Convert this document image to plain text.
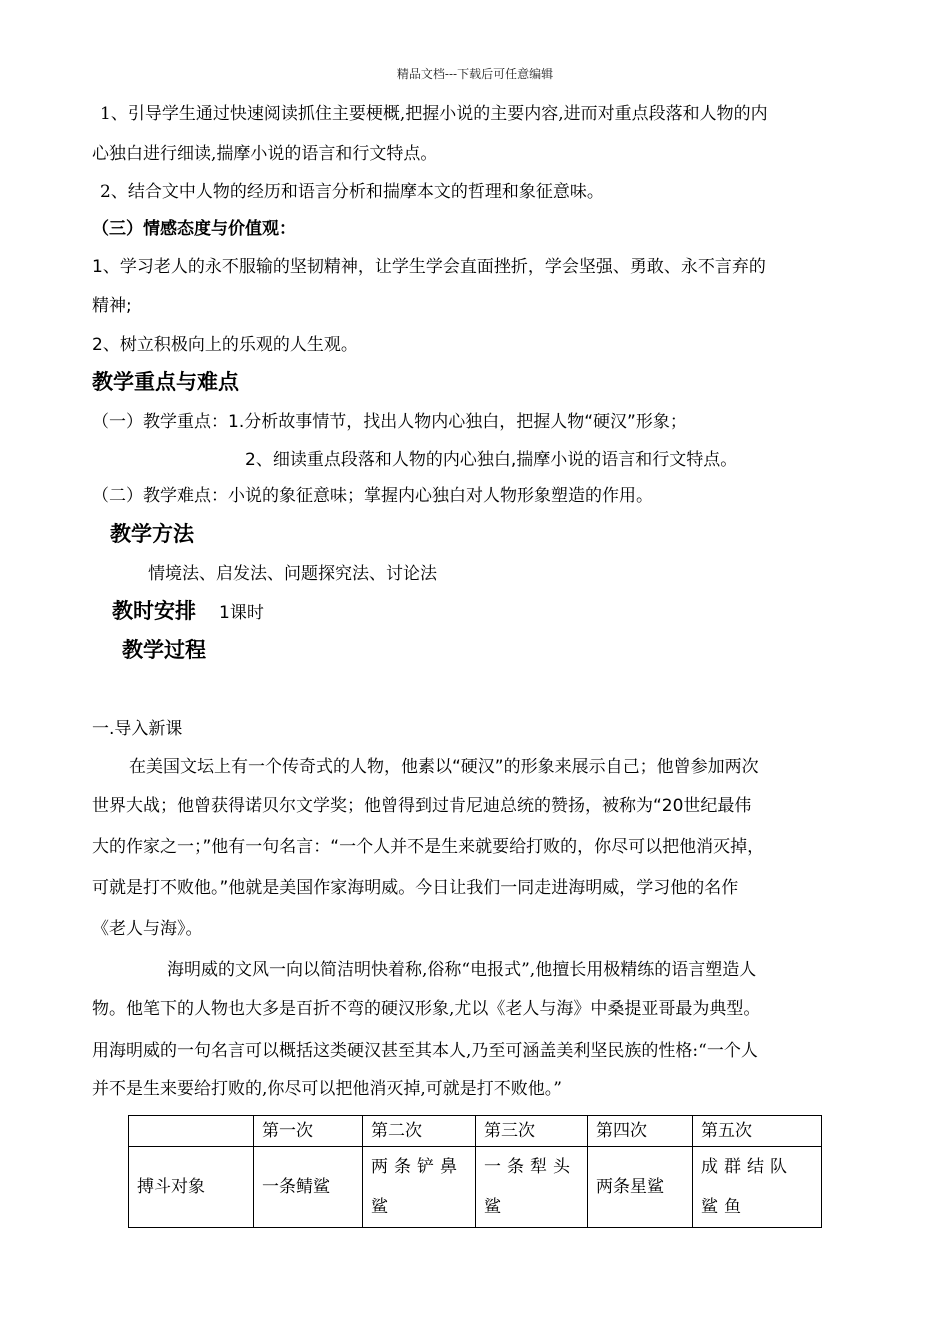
精品文档---下载后可任意编辑
1、引导学生通过快速阅读抓住主要梗概,把握小说的主要内容,进而对重点段落和人物的内
心独白进行细读,揣摩小说的语言和行文特点。
2、结合文中人物的经历和语言分析和揣摩本文的哲理和象征意味。
（三）情感态度与价值观：
1、学习老人的永不服输的坚韧精神，让学生学会直面挫折，学会坚强、勇敢、永不言弃的
精神;
2、树立积极向上的乐观的人生观。
教学重点与难点
（一）教学重点：1.分析故事情节，找出人物内心独白，把握人物“硬汉”形象；
2、细读重点段落和人物的内心独白,揣摩小说的语言和行文特点。
（二）教学难点：小说的象征意味；掌握内心独白对人物形象塑造的作用。
教学方法
情境法、启发法、问题探究法、讨论法
教时安排 1课时
教学过程
一.导入新课
在美国文坛上有一个传奇式的人物，他素以“硬汉”的形象来展示自己；他曾参加两次
世界大战；他曾获得诺贝尔文学奖；他曾得到过肯尼迪总统的赞扬，被称为“20世纪最伟
大的作家之一；”他有一句名言：“一个人并不是生来就要给打败的，你尽可以把他消灭掉，
可就是打不败他。”他就是美国作家海明威。今日让我们一同走进海明威，学习他的名作
《老人与海》。
海明威的文风一向以简洁明快着称,俗称“电报式”,他擅长用极精练的语言塑造人
物。他笔下的人物也大多是百折不弯的硬汉形象,尤以《老人与海》中桑提亚哥最为典型。
用海明威的一句名言可以概括这类硬汉甚至其本人,乃至可涵盖美利坚民族的性格:“一个人
并不是生来要给打败的,你尽可以把他消灭掉,可就是打不败他。”
	第一次	第二次	第三次	第四次	第五次
搏斗对象	一条鲭鲨	两条铲鼻鲨	一条犁头鲨	两条星鲨	成群结队鲨鱼
